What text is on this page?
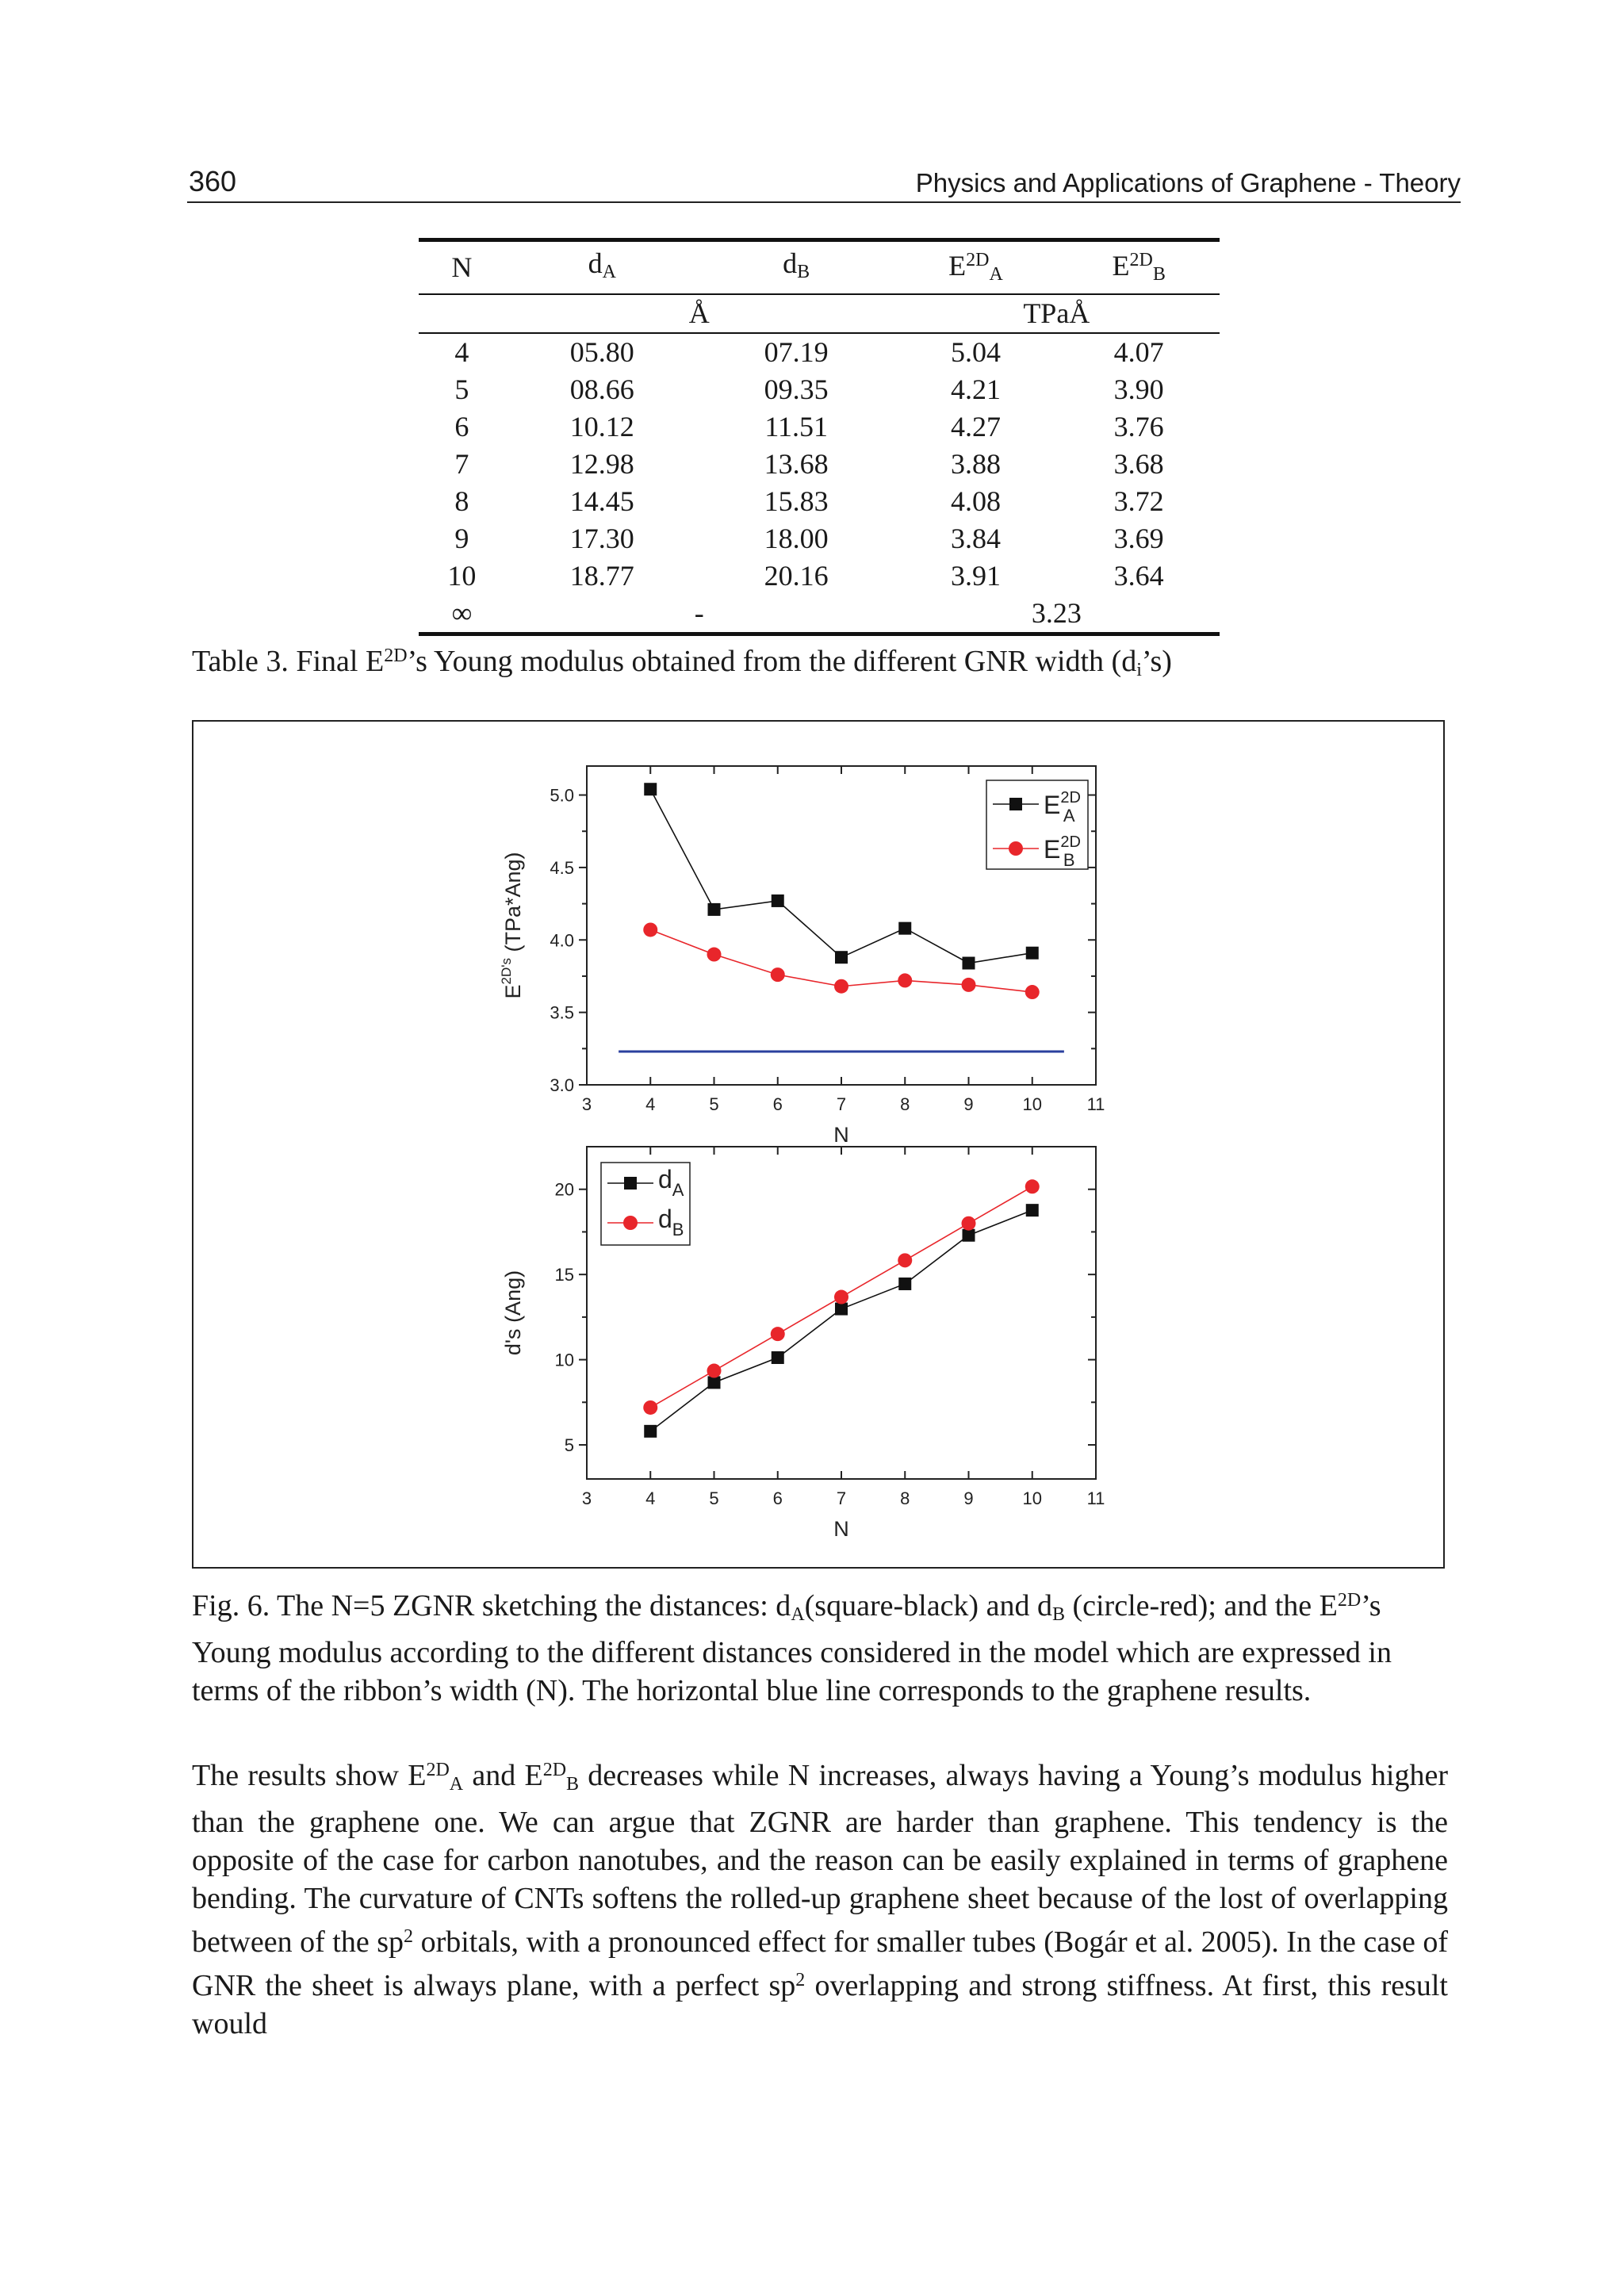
360	Physics and Applications of Graphene - Theory
N	$d_A$	$d_B$	$E^{2D}_A$	$E^{2D}_B$
	Å		TPaÅ	
4	05.80	07.19	5.04	4.07
5	08.66	09.35	4.21	3.90
6	10.12	11.51	4.27	3.76
7	12.98	13.68	3.88	3.68
8	14.45	15.83	4.08	3.72
9	17.30	18.00	3.84	3.69
10	18.77	20.16	3.91	3.64
∞	-		3.23	
Table 3. Final $E^{2D}’s$ Young modulus obtained from the different GNR width $(d_i’s)$
3	4	5	6	7	8	9	10	11
3.0
3.5
4.0
4.5
5.0
N
$E^{2D's}$ (TPa*Ang)
$E^{2D}$ A
$E^{2D}$ B
3	4	5	6	7	8	9	10	11
5
10
15
20
N
d's (Ang)
$d_A$
$d_B$
Fig. 6. The N=5 ZGNR sketching the distances: $d_A(square-black)$ and $d_B$ (circle-red); and the $E^{2D}’s$ Young modulus according to the different distances considered in the model which are expressed in terms of the ribbon’s width (N). The horizontal blue line corresponds to the graphene results.
The results show $E^{2D}_A$ and $E^{2D}_B$ decreases while N increases, always having a Young’s modulus higher than the graphene one. We can argue that ZGNR are harder than graphene. This tendency is the opposite of the case for carbon nanotubes, and the reason can be easily explained in terms of graphene bending. The curvature of CNTs softens the rolled-up graphene sheet because of the lost of overlapping between of the $sp^2$ orbitals, with a pronounced effect for smaller tubes (Bogár et al. 2005). In the case of GNR the sheet is always plane, with a perfect $sp^2$ overlapping and strong stiffness. At first, this result would
